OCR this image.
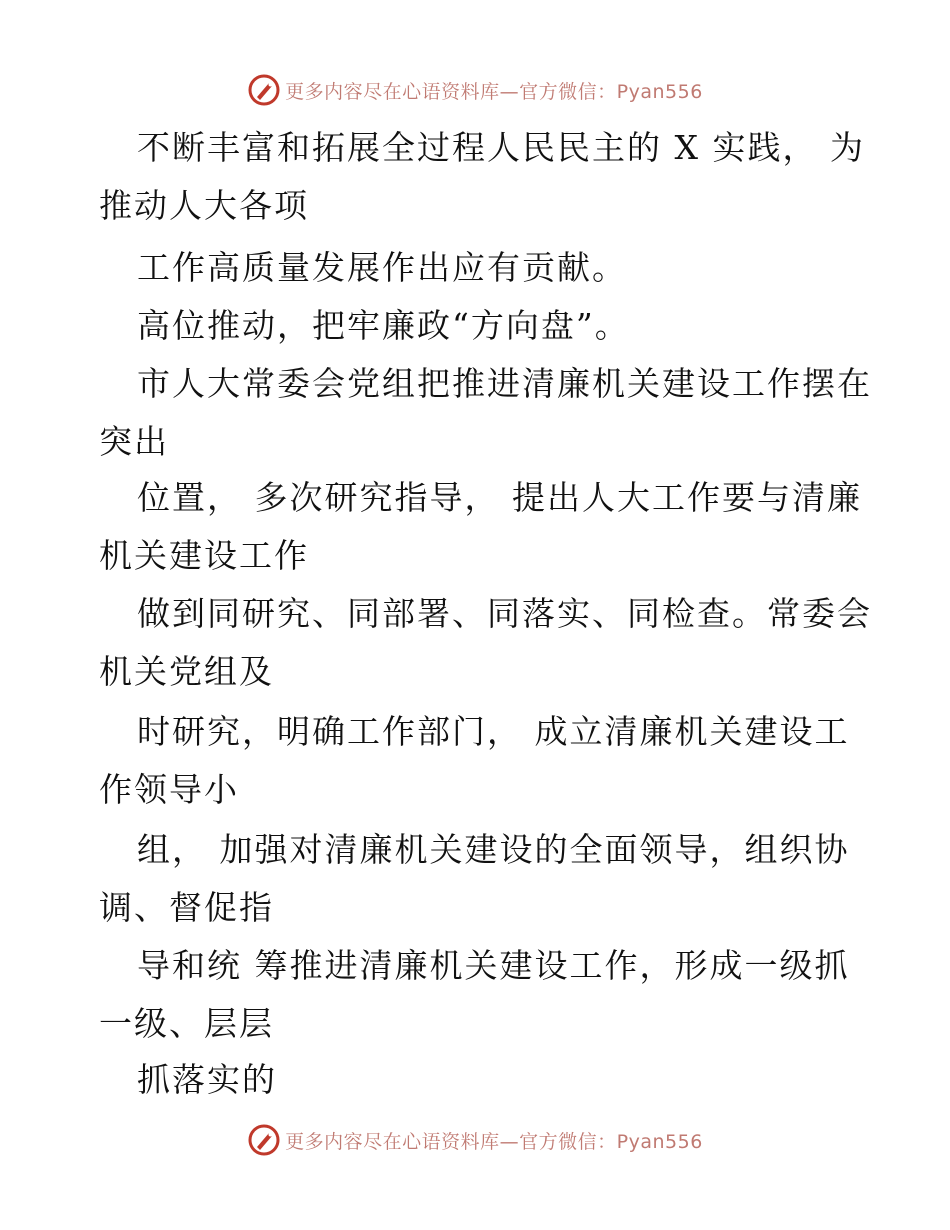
更多内容尽在心语资料库—官方微信：Pyan556
不断丰富和拓展全过程人民民主的 X 实践， 为
推动人大各项
工作高质量发展作出应有贡献。
高位推动，把牢廉政“方向盘”。
市人大常委会党组把推进清廉机关建设工作摆在
突出
位置， 多次研究指导， 提出人大工作要与清廉
机关建设工作
做到同研究、同部署、同落实、同检查。常委会
机关党组及
时研究，明确工作部门， 成立清廉机关建设工
作领导小
组， 加强对清廉机关建设的全面领导，组织协
调、督促指
导和统 筹推进清廉机关建设工作，形成一级抓
一级、层层
抓落实的
更多内容尽在心语资料库—官方微信：Pyan556
